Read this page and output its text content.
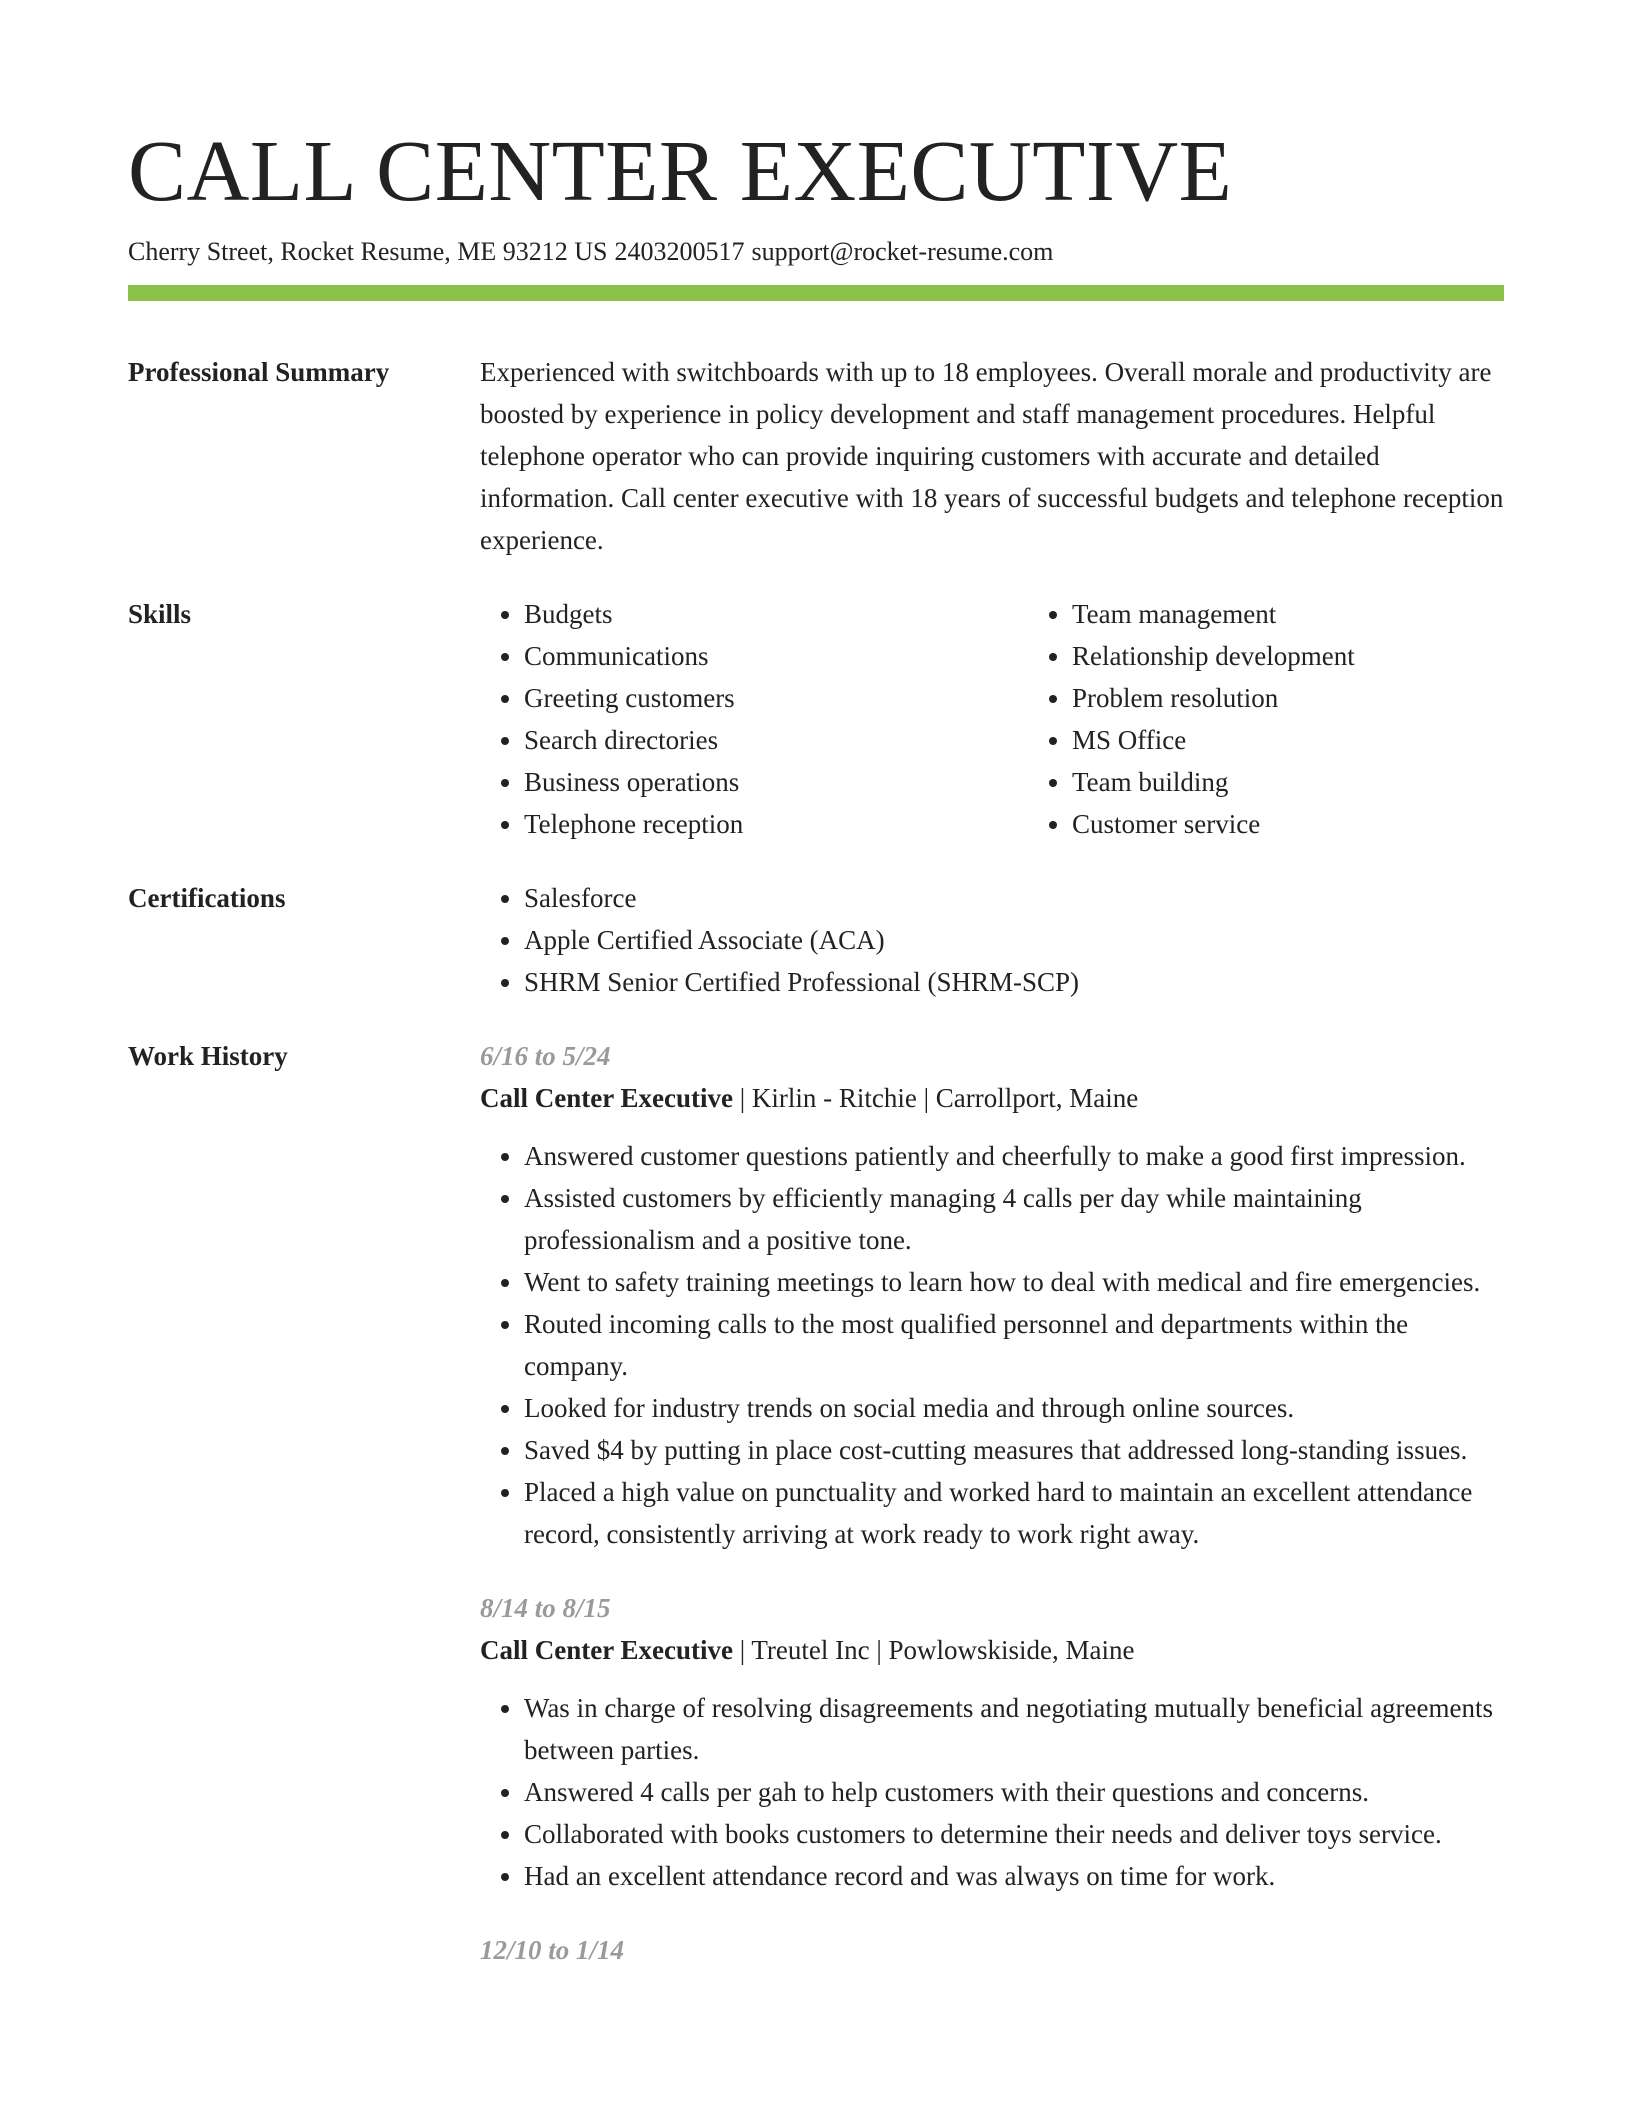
CALL CENTER EXECUTIVE
Cherry Street, Rocket Resume, ME 93212 US 2403200517 support@rocket-resume.com
Professional Summary	Experienced with switchboards with up to 18 employees. Overall morale and productivity are boosted by experience in policy development and staff management procedures. Helpful telephone operator who can provide inquiring customers with accurate and detailed information. Call center executive with 18 years of successful budgets and telephone reception experience.
Skills	• Budgets
• Communications
• Greeting customers
• Search directories
• Business operations
• Telephone reception
• Team management
• Relationship development
• Problem resolution
• MS Office
• Team building
• Customer service
Certifications	• Salesforce
• Apple Certified Associate (ACA)
• SHRM Senior Certified Professional (SHRM-SCP)
Work History	6/16 to 5/24
Call Center Executive | Kirlin - Ritchie | Carrollport, Maine
• Answered customer questions patiently and cheerfully to make a good first impression.
• Assisted customers by efficiently managing 4 calls per day while maintaining professionalism and a positive tone.
• Went to safety training meetings to learn how to deal with medical and fire emergencies.
• Routed incoming calls to the most qualified personnel and departments within the company.
• Looked for industry trends on social media and through online sources.
• Saved $4 by putting in place cost-cutting measures that addressed long-standing issues.
• Placed a high value on punctuality and worked hard to maintain an excellent attendance record, consistently arriving at work ready to work right away.
8/14 to 8/15
Call Center Executive | Treutel Inc | Powlowskiside, Maine
• Was in charge of resolving disagreements and negotiating mutually beneficial agreements between parties.
• Answered 4 calls per gah to help customers with their questions and concerns.
• Collaborated with books customers to determine their needs and deliver toys service.
• Had an excellent attendance record and was always on time for work.
12/10 to 1/14
